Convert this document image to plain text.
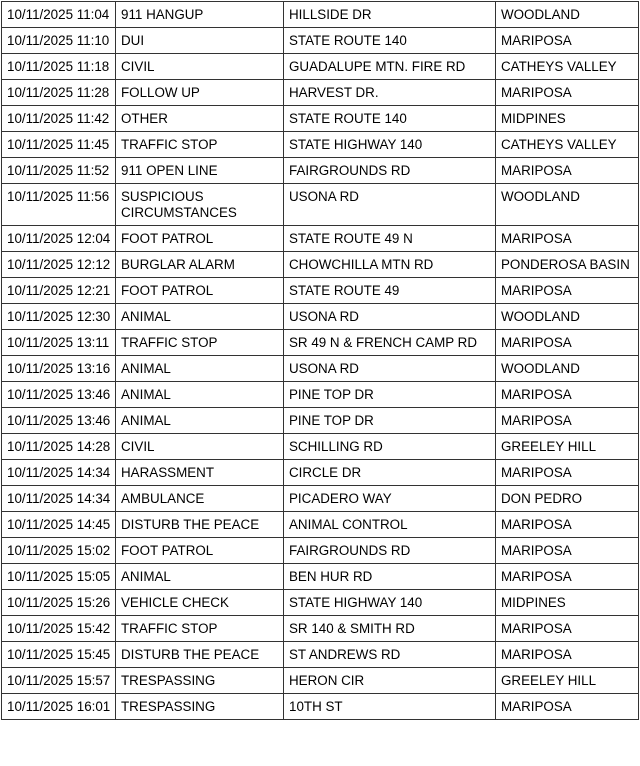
10/11/2025 11:04	911 HANGUP	HILLSIDE DR	WOODLAND
10/11/2025 11:10	DUI	STATE ROUTE 140	MARIPOSA
10/11/2025 11:18	CIVIL	GUADALUPE MTN. FIRE RD	CATHEYS VALLEY
10/11/2025 11:28	FOLLOW UP	HARVEST DR.	MARIPOSA
10/11/2025 11:42	OTHER	STATE ROUTE 140	MIDPINES
10/11/2025 11:45	TRAFFIC STOP	STATE HIGHWAY 140	CATHEYS VALLEY
10/11/2025 11:52	911 OPEN LINE	FAIRGROUNDS RD	MARIPOSA
10/11/2025 11:56	SUSPICIOUS CIRCUMSTANCES	USONA RD	WOODLAND
10/11/2025 12:04	FOOT PATROL	STATE ROUTE 49 N	MARIPOSA
10/11/2025 12:12	BURGLAR ALARM	CHOWCHILLA MTN RD	PONDEROSA BASIN
10/11/2025 12:21	FOOT PATROL	STATE ROUTE 49	MARIPOSA
10/11/2025 12:30	ANIMAL	USONA RD	WOODLAND
10/11/2025 13:11	TRAFFIC STOP	SR 49 N & FRENCH CAMP RD	MARIPOSA
10/11/2025 13:16	ANIMAL	USONA RD	WOODLAND
10/11/2025 13:46	ANIMAL	PINE TOP DR	MARIPOSA
10/11/2025 13:46	ANIMAL	PINE TOP DR	MARIPOSA
10/11/2025 14:28	CIVIL	SCHILLING RD	GREELEY HILL
10/11/2025 14:34	HARASSMENT	CIRCLE DR	MARIPOSA
10/11/2025 14:34	AMBULANCE	PICADERO WAY	DON PEDRO
10/11/2025 14:45	DISTURB THE PEACE	ANIMAL CONTROL	MARIPOSA
10/11/2025 15:02	FOOT PATROL	FAIRGROUNDS RD	MARIPOSA
10/11/2025 15:05	ANIMAL	BEN HUR RD	MARIPOSA
10/11/2025 15:26	VEHICLE CHECK	STATE HIGHWAY 140	MIDPINES
10/11/2025 15:42	TRAFFIC STOP	SR 140 & SMITH RD	MARIPOSA
10/11/2025 15:45	DISTURB THE PEACE	ST ANDREWS RD	MARIPOSA
10/11/2025 15:57	TRESPASSING	HERON CIR	GREELEY HILL
10/11/2025 16:01	TRESPASSING	10TH ST	MARIPOSA
